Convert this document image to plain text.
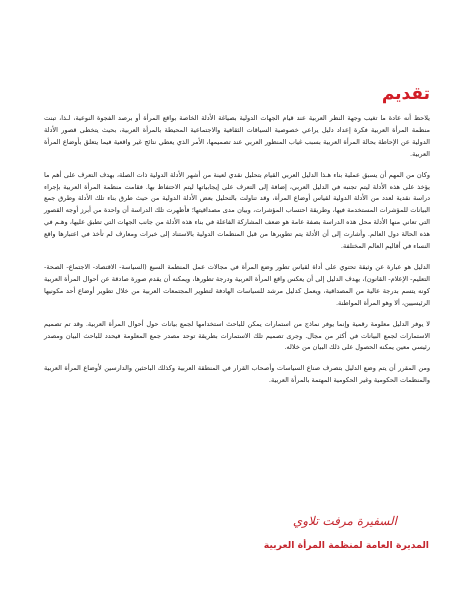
تقديم

يلاحظ أنه عادة ما تغيب وجهة النظر العربية عند قيام الجهات الدولية بصياغة الأدلة الخاصة بواقع المرأة أو برصد الفجوة النوعية، لـذا، تبنت منظمة المرأة العربية فكرة إعداد دليل يراعي خصوصية السياقات الثقافية والاجتماعية المحيطة بالمرأة العربية، بحيث يتخطى قصور الأدلة الدولية عن الإحاطة بحالة المرأة العربية بسبب غياب المنظور العربي عند تصميمها، الأمر الذي يعطي نتائج غير واقعية فيما يتعلق بأوضاع المرأة العربية.

وكان من المهم أن يسبق عملية بناء هـذا الدليل العربي القيام بتحليل نقدي لعينة من أشهر الأدلة الدولية ذات الصلة، بهدف التعرف على أهم ما يؤخذ على هذه الأدلة ليتم تجنبه في الدليل العربي، إضافة إلى التعرف على إيجابياتها ليتم الاحتفاظ بها. فقامت منظمة المرأة العربية بإجراء دراسة نقدية لعدد من الأدلة الدولية لقياس أوضاع المرأة، وقد تناولت بالتحليل بعض الأدلة الدولية من حيث طرق بناء تلك الأدلة وطرق جمع البيانات للمؤشرات المستخدمة فيها، وطريقة احتساب المؤشرات، وبيان مدى مصداقيتها؛ فأظهرت تلك الدراسة أن واحدة من أبرز أوجه القصور التي تعاني منها الأدلة محل هذه الدراسة بصفة عامة هو ضعف المشاركة الفاعلة في بناء هذه الأدلة من جانب الجهات التي تطبق عليها، وهـم في هذه الحالة دول العالم. وأشارت إلى أن الأدلة يتم تطويرها من قبل المنظمات الدولية بالاستناد إلى خبرات ومعارف لم تأخذ في اعتبارها واقع النساء في أقاليم العالم المختلفة.

الدليل هو عبارة عن وثيقة تحتوي على أداة لقياس تطور وضع المرأة في مجالات عمل المنظمة السبع (السياسة- الاقتصاد- الاجتماع- الصحة- التعليم- الإعلام- القانون)، يهدف الدليل إلى أن يعكس واقع المرأة العربية ودرجة تطورها، ويمكنه أن يقدم صورة صادقة عن أحوال المرأة العربية كونه يتسم بدرجة عالية من المصداقية، ويعمل كدليل مرشد للسياسات الهادفة لتطوير المجتمعات العربية من خلال تطوير أوضاع أحد مكونيها الرئيسيين، ألا وهو المرأة المواطنة.

لا يوفر الدليل معلومة رقمية وإنما يوفر نماذج من استمارات يمكن للباحث استخدامها لجمع بيانات حول أحوال المرأة العربية. وقد تم تصميم الاستمارات لجمع البيانات في أكثر من مجال. وجرى تصميم تلك الاستمارات بطريقة توحد مصدر جمع المعلومة فيحدد للباحث البيان ومصدر رئيسي معين يمكنه الحصول على ذلك البيان من خلاله.

ومن المقرر أن يتم وضع الدليل بتصرف صناع السياسات وأصحاب القرار في المنطقة العربية وكذلك الباحثين والدارسين لأوضاع المرأة العربية والمنظمات الحكومية وغير الحكومية المهتمة بالمرأة العربية.

السفيرة مرفت تلاوي
المديرة العامة لمنظمة المرأة العربية
